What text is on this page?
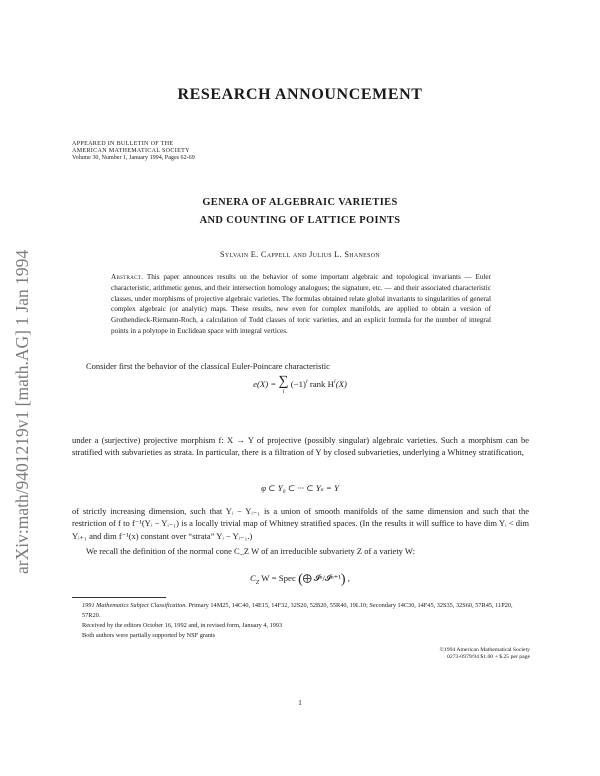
arXiv:math/9401219v1 [math.AG] 1 Jan 1994
RESEARCH ANNOUNCEMENT
APPEARED IN BULLETIN OF THE
AMERICAN MATHEMATICAL SOCIETY
Volume 30, Number 1, January 1994, Pages 62-69
GENERA OF ALGEBRAIC VARIETIES
AND COUNTING OF LATTICE POINTS
Sylvain E. Cappell and Julius L. Shaneson
Abstract. This paper announces results on the behavior of some important algebraic and topological invariants — Euler characteristic, arithmetic genus, and their intersection homology analogues; the signature, etc. — and their associated characteristic classes, under morphisms of projective algebraic varieties. The formulas obtained relate global invariants to singularities of general complex algebraic (or analytic) maps. These results, new even for complex manifolds, are applied to obtain a version of Grothendieck-Riemann-Roch, a calculation of Todd classes of toric varieties, and an explicit formula for the number of integral points in a polytope in Euclidean space with integral vertices.
Consider first the behavior of the classical Euler-Poincare characteristic
e(X) = ∑
i $(-1)^i$ rank $H^i(X)$
under a (surjective) projective morphism f: X → Y of projective (possibly singular) algebraic varieties. Such a morphism can be stratified with subvarieties as strata. In particular, there is a filtration of Y by closed subvarieties, underlying a Whitney stratification,
φ ⊂ Y₀ ⊂ ··· ⊂ Yₛ = Y
of strictly increasing dimension, such that Yᵢ − Yᵢ₋₁ is a union of smooth manifolds of the same dimension and such that the restriction of f to f⁻¹(Yᵢ − Yᵢ₋₁) is a locally trivial map of Whitney stratified spaces. (In the results it will suffice to have dim Yᵢ < dim Yᵢ₊₁ and dim f⁻¹(x) constant over “strata” Yᵢ − Yᵢ₋₁.)
We recall the definition of the normal cone C_Z W of an irreducible subvariety Z of a variety W:
$C_Z$ W = Spec (⨁ 𝓘ⁿ/𝓘ⁿ⁺¹) ,
1991 Mathematics Subject Classification. Primary 14M25, 14C40, 14E15, 14F32, 32S20, 52B20, 55R40, 19L10; Secondary 14C30, 14F45, 32S35, 32S60, 57R45, 11P20, 57R20.
Received by the editors October 16, 1992 and, in revised form, January 4, 1993
Both authors were partially supported by NSF grants
©1994 American Mathematical Society
0273-0979/94 $1.00 + $.25 per page
1
